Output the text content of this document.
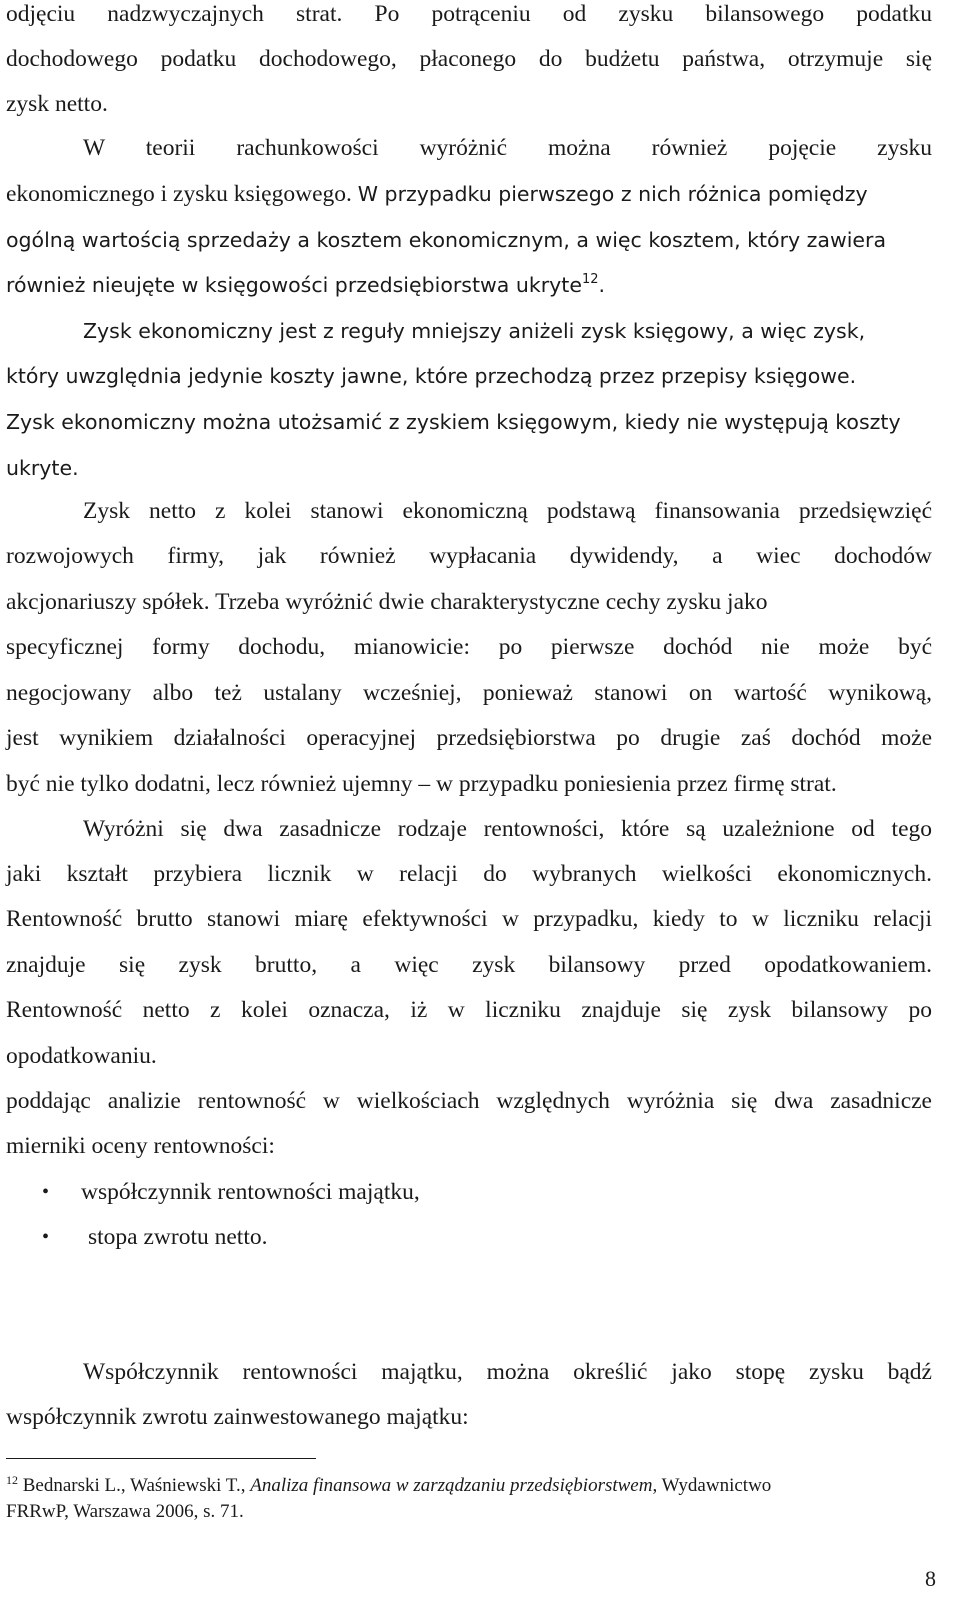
odjęciu nadzwyczajnych strat. Po potrąceniu od zysku bilansowego podatku
dochodowego podatku dochodowego, płaconego do budżetu państwa, otrzymuje się
zysk netto.
W teorii rachunkowości wyróżnić można również pojęcie zysku
ekonomicznego i zysku księgowego. W przypadku pierwszego z nich różnica pomiędzy
ogólną wartością sprzedaży a kosztem ekonomicznym, a więc kosztem, który zawiera
również nieujęte w księgowości przedsiębiorstwa ukryte$^{12}$.
Zysk ekonomiczny jest z reguły mniejszy aniżeli zysk księgowy, a więc zysk,
który uwzględnia jedynie koszty jawne, które przechodzą przez przepisy księgowe.
Zysk ekonomiczny można utożsamić z zyskiem księgowym, kiedy nie występują koszty
ukryte.
Zysk netto z kolei stanowi ekonomiczną podstawą finansowania przedsięwzięć
rozwojowych firmy, jak również wypłacania dywidendy, a wiec dochodów
akcjonariuszy spółek. Trzeba wyróżnić dwie charakterystyczne cechy zysku jako
specyficznej formy dochodu, mianowicie: po pierwsze dochód nie może być
negocjowany albo też ustalany wcześniej, ponieważ stanowi on wartość wynikową,
jest wynikiem działalności operacyjnej przedsiębiorstwa po drugie zaś dochód może
być nie tylko dodatni, lecz również ujemny – w przypadku poniesienia przez firmę strat.
Wyróżni się dwa zasadnicze rodzaje rentowności, które są uzależnione od tego
jaki kształt przybiera licznik w relacji do wybranych wielkości ekonomicznych.
Rentowność brutto stanowi miarę efektywności w przypadku, kiedy to w liczniku relacji
znajduje się zysk brutto, a więc zysk bilansowy przed opodatkowaniem.
Rentowność netto z kolei oznacza, iż w liczniku znajduje się zysk bilansowy po
opodatkowaniu.
poddając analizie rentowność w wielkościach względnych wyróżnia się dwa zasadnicze
mierniki oceny rentowności:
• współczynnik rentowności majątku,
• stopa zwrotu netto.
Współczynnik rentowności majątku, można określić jako stopę zysku bądź
współczynnik zwrotu zainwestowanego majątku:
$^{12}$ Bednarski L., Waśniewski T., Analiza finansowa w zarządzaniu przedsiębiorstwem, Wydawnictwo
FRRwP, Warszawa 2006, s. 71.
8
